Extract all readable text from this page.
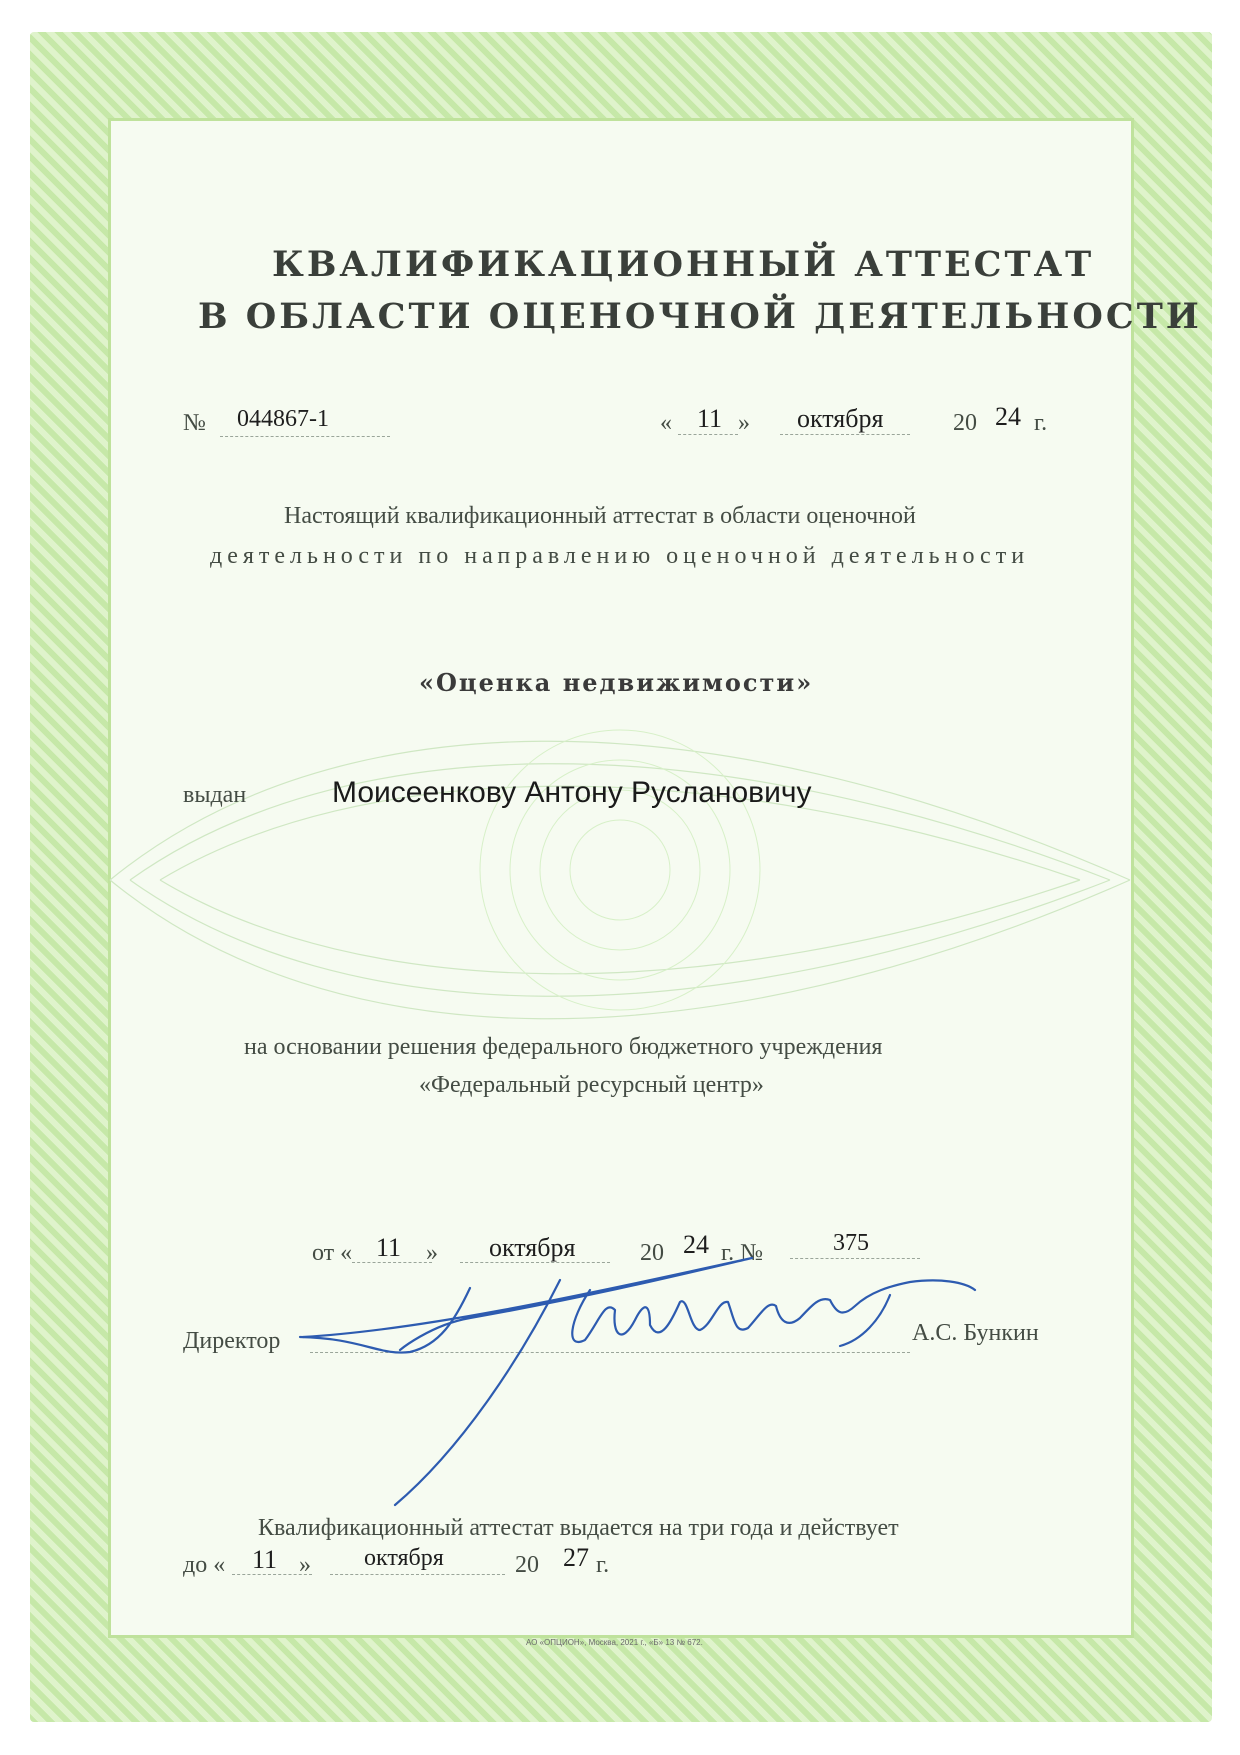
КВАЛИФИКАЦИОННЫЙ АТТЕСТАТ
В ОБЛАСТИ ОЦЕНОЧНОЙ ДЕЯТЕЛЬНОСТИ
№ 044867-1	« 11 » октября	20 24 г.
Настоящий квалификационный аттестат в области оценочной
деятельности по направлению оценочной деятельности
«Оценка недвижимости»
выдан	Моисеенкову Антону Руслановичу
на основании решения федерального бюджетного учреждения
«Федеральный ресурсный центр»
от « 11 » октября	20 24 г. №	375
Директор	А.С. Бункин
Квалификационный аттестат выдается на три года и действует
до « 11 » октября	20 27 г.
АО «ОПЦИОН», Москва, 2021 г., «Б» 13 № 672.
